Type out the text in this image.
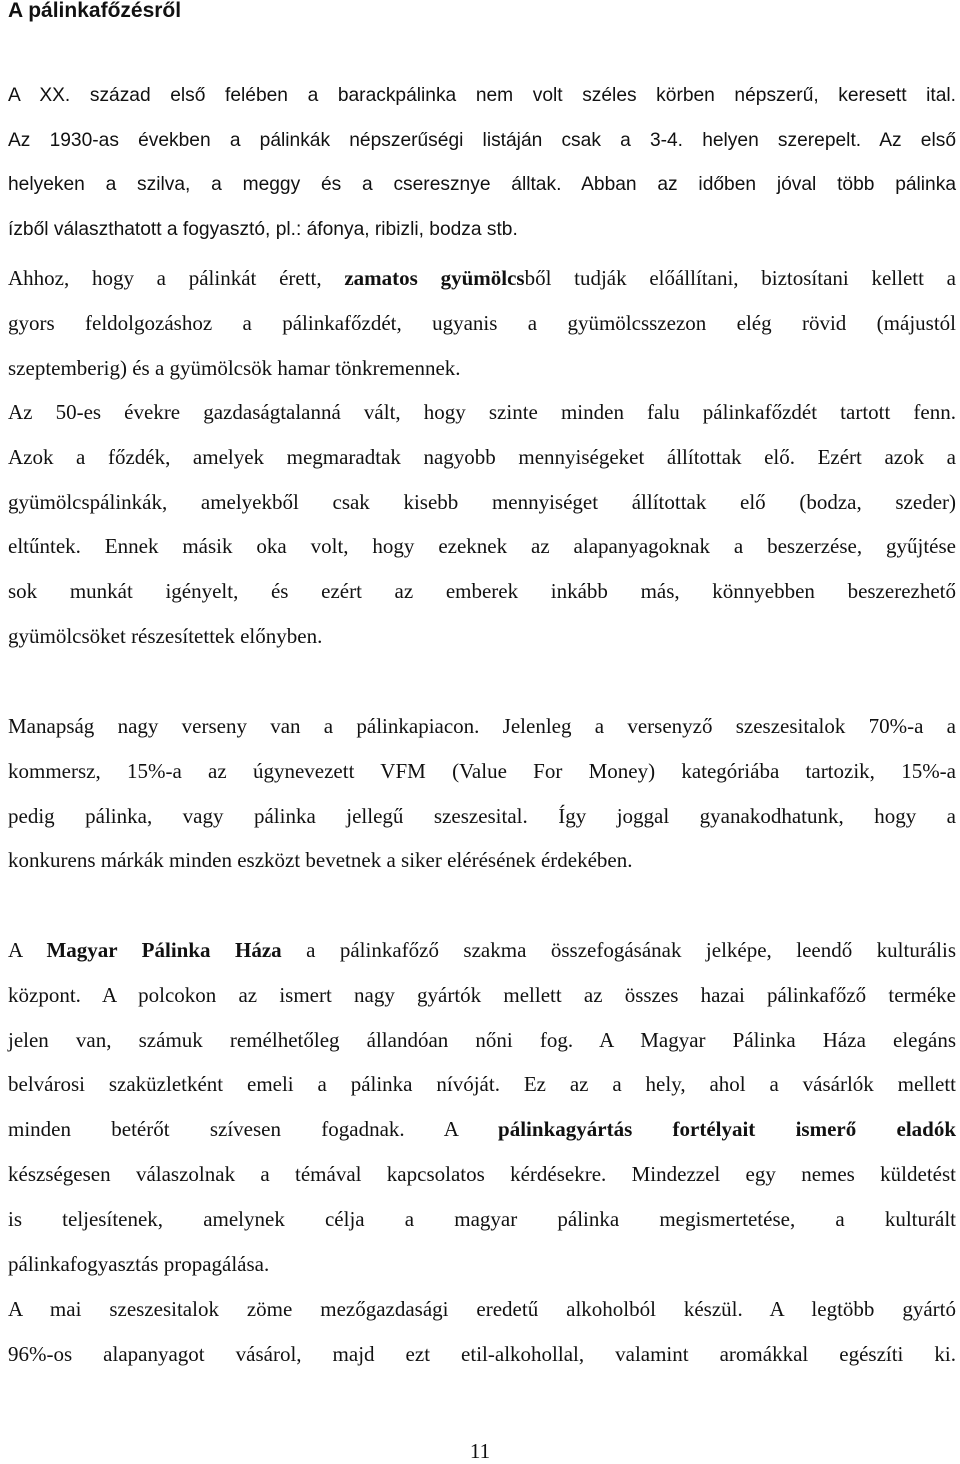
A pálinkafőzésről
A XX. század első felében a barackpálinka nem volt széles körben népszerű, keresett ital.
Az 1930-as években a pálinkák népszerűségi listáján csak a 3-4. helyen szerepelt. Az első
helyeken a szilva, a meggy és a cseresznye álltak. Abban az időben jóval több pálinka
ízből választhatott a fogyasztó, pl.: áfonya, ribizli, bodza stb.
Ahhoz, hogy a pálinkát érett, zamatos gyümölcsből tudják előállítani, biztosítani kellett a
gyors feldolgozáshoz a pálinkafőzdét, ugyanis a gyümölcsszezon elég rövid (májustól
szeptemberig) és a gyümölcsök hamar tönkremennek.
Az 50-es évekre gazdaságtalanná vált, hogy szinte minden falu pálinkafőzdét tartott fenn.
Azok a főzdék, amelyek megmaradtak nagyobb mennyiségeket állítottak elő. Ezért azok a
gyümölcspálinkák, amelyekből csak kisebb mennyiséget állítottak elő (bodza, szeder)
eltűntek. Ennek másik oka volt, hogy ezeknek az alapanyagoknak a beszerzése, gyűjtése
sok munkát igényelt, és ezért az emberek inkább más, könnyebben beszerezhető
gyümölcsöket részesítettek előnyben.
Manapság nagy verseny van a pálinkapiacon. Jelenleg a versenyző szeszesitalok 70%-a a
kommersz, 15%-a az úgynevezett VFM (Value For Money) kategóriába tartozik, 15%-a
pedig pálinka, vagy pálinka jellegű szeszesital. Így joggal gyanakodhatunk, hogy a
konkurens márkák minden eszközt bevetnek a siker elérésének érdekében.
A Magyar Pálinka Háza a pálinkafőző szakma összefogásának jelképe, leendő kulturális
központ. A polcokon az ismert nagy gyártók mellett az összes hazai pálinkafőző terméke
jelen van, számuk remélhetőleg állandóan nőni fog. A Magyar Pálinka Háza elegáns
belvárosi szaküzletként emeli a pálinka nívóját. Ez az a hely, ahol a vásárlók mellett
minden betérőt szívesen fogadnak. A pálinkagyártás fortélyait ismerő eladók
készségesen válaszolnak a témával kapcsolatos kérdésekre. Mindezzel egy nemes küldetést
is teljesítenek, amelynek célja a magyar pálinka megismertetése, a kulturált
pálinkafogyasztás propagálása.
A mai szeszesitalok zöme mezőgazdasági eredetű alkoholból készül. A legtöbb gyártó
96%-os alapanyagot vásárol, majd ezt etil-alkohollal, valamint aromákkal egészíti ki.
11
